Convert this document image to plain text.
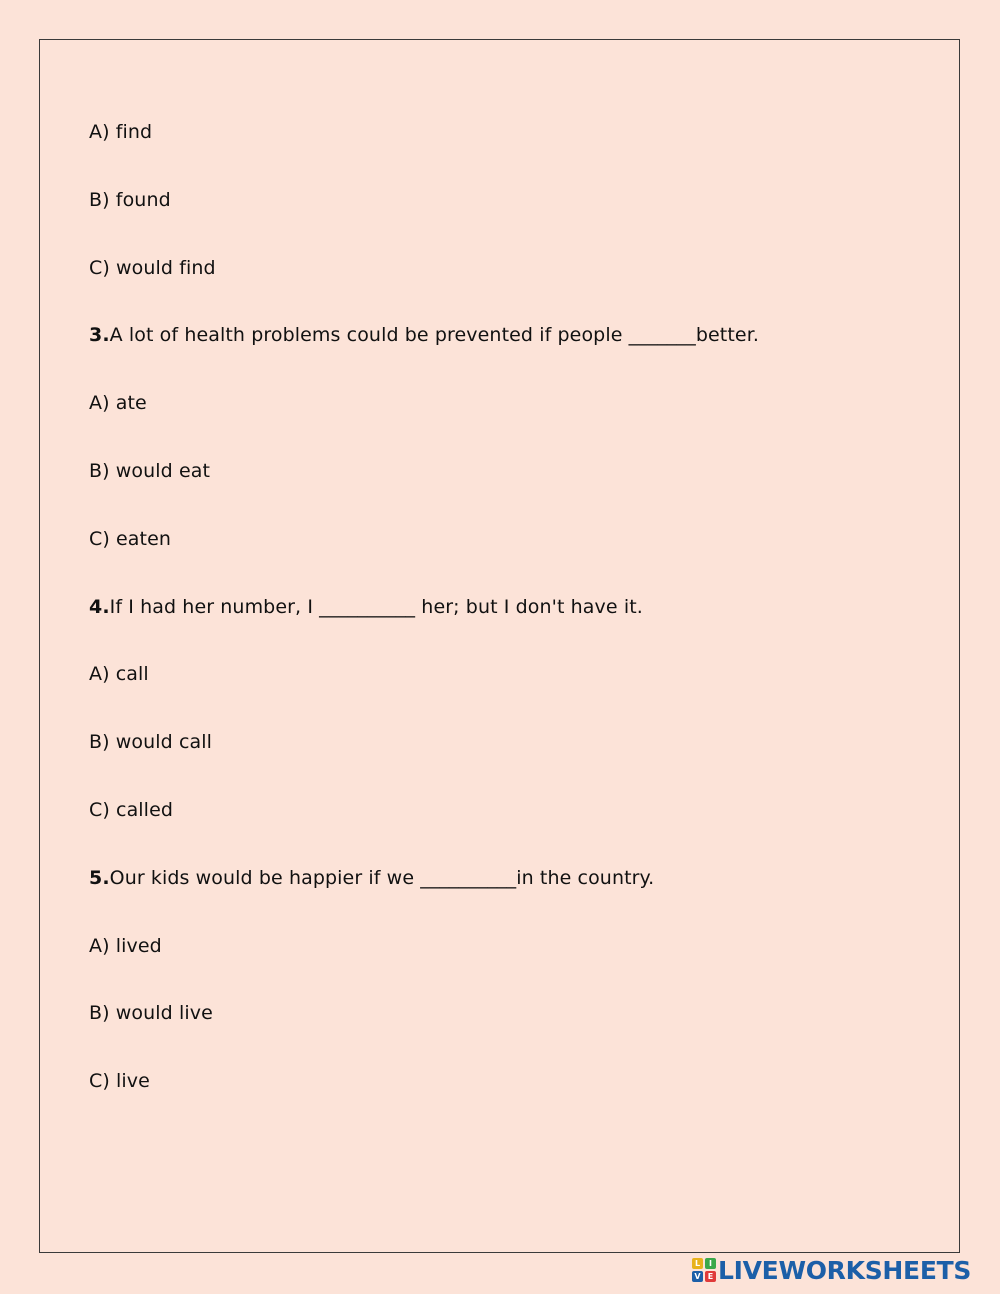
A) find
B) found
C) would find
3.A lot of health problems could be prevented if people _______better.
A) ate
B) would eat
C) eaten
4.If I had her number, I __________ her; but I don't have it.
A) call
B) would call
C) called
5.Our kids would be happier if we __________in the country.
A) lived
B) would live
C) live
L	I
V E LIVEWORKSHEETS
